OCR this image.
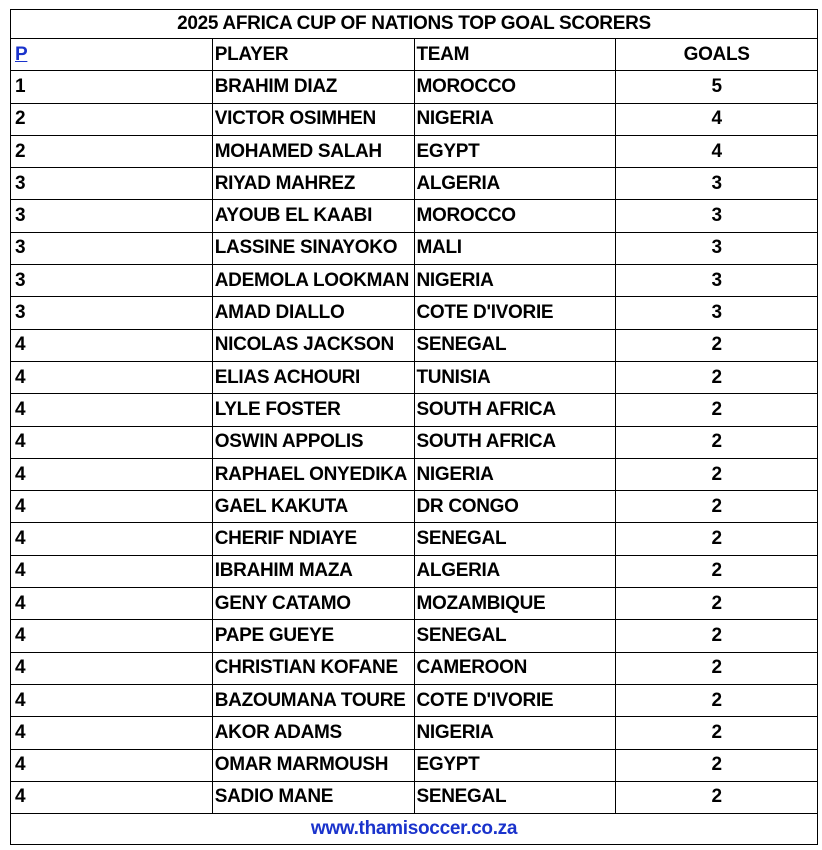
2025 AFRICA CUP OF NATIONS TOP GOAL SCORERS			
P	PLAYER	TEAM	GOALS
1	BRAHIM DIAZ	MOROCCO	5
2	VICTOR OSIMHEN	NIGERIA	4
2	MOHAMED SALAH	EGYPT	4
3	RIYAD MAHREZ	ALGERIA	3
3	AYOUB EL KAABI	MOROCCO	3
3	LASSINE SINAYOKO	MALI	3
3	ADEMOLA LOOKMAN	NIGERIA	3
3	AMAD DIALLO	COTE D'IVORIE	3
4	NICOLAS JACKSON	SENEGAL	2
4	ELIAS ACHOURI	TUNISIA	2
4	LYLE FOSTER	SOUTH AFRICA	2
4	OSWIN APPOLIS	SOUTH AFRICA	2
4	RAPHAEL ONYEDIKA	NIGERIA	2
4	GAEL KAKUTA	DR CONGO	2
4	CHERIF NDIAYE	SENEGAL	2
4	IBRAHIM MAZA	ALGERIA	2
4	GENY CATAMO	MOZAMBIQUE	2
4	PAPE GUEYE	SENEGAL	2
4	CHRISTIAN KOFANE	CAMEROON	2
4	BAZOUMANA TOURE	COTE D'IVORIE	2
4	AKOR ADAMS	NIGERIA	2
4	OMAR MARMOUSH	EGYPT	2
4	SADIO MANE	SENEGAL	2
www.thamisoccer.co.za			
